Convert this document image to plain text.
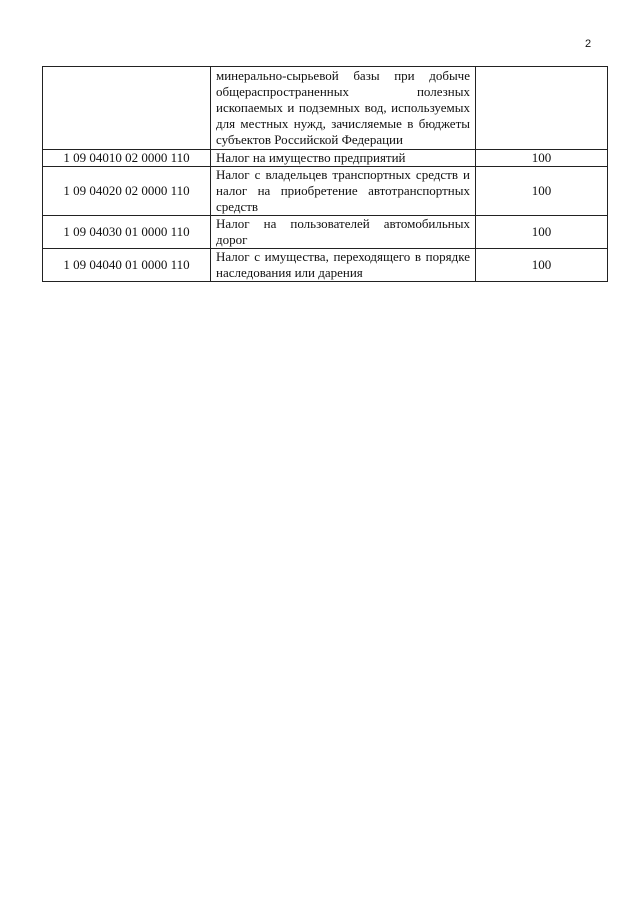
2
	минерально-сырьевой базы при добыче общераспространенных полезных ископаемых и подземных вод, используемых для местных нужд, зачисляемые в бюджеты субъектов Российской Федерации	
1 09 04010 02 0000 110	Налог на имущество предприятий	100
1 09 04020 02 0000 110	Налог с владельцев транспортных средств и налог на приобретение автотранспортных средств	100
1 09 04030 01 0000 110	Налог на пользователей автомобильных дорог	100
1 09 04040 01 0000 110	Налог с имущества, переходящего в порядке наследования или дарения	100
